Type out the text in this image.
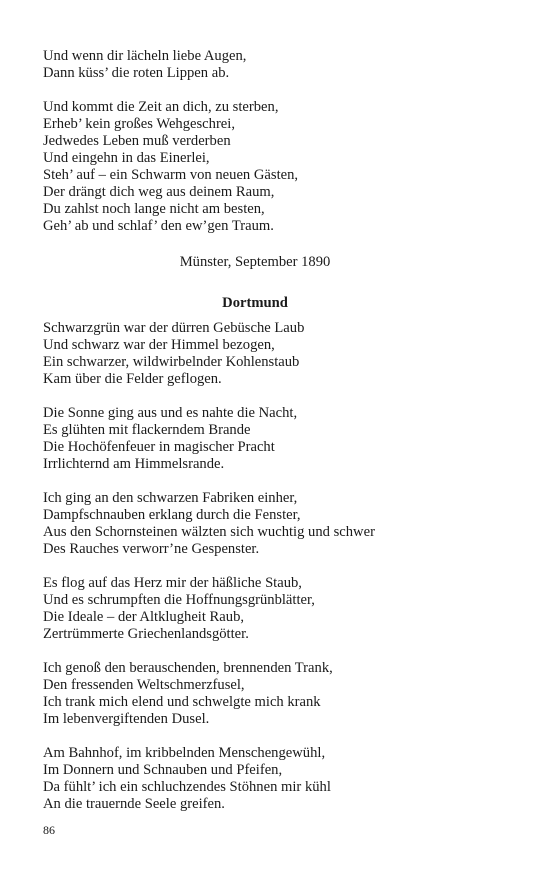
Und wenn dir lächeln liebe Augen,
Dann küss’ die roten Lippen ab.
Und kommt die Zeit an dich, zu sterben,
Erheb’ kein großes Wehgeschrei,
Jedwedes Leben muß verderben
Und eingehn in das Einerlei,
Steh’ auf – ein Schwarm von neuen Gästen,
Der drängt dich weg aus deinem Raum,
Du zahlst noch lange nicht am besten,
Geh’ ab und schlaf’ den ew’gen Traum.
Münster, September 1890
Dortmund
Schwarzgrün war der dürren Gebüsche Laub
Und schwarz war der Himmel bezogen,
Ein schwarzer, wildwirbelnder Kohlenstaub
Kam über die Felder geflogen.
Die Sonne ging aus und es nahte die Nacht,
Es glühten mit flackerndem Brande
Die Hochöfenfeuer in magischer Pracht
Irrlichternd am Himmelsrande.
Ich ging an den schwarzen Fabriken einher,
Dampfschnauben erklang durch die Fenster,
Aus den Schornsteinen wälzten sich wuchtig und schwer
Des Rauches verworr’ne Gespenster.
Es flog auf das Herz mir der häßliche Staub,
Und es schrumpften die Hoffnungsgrünblätter,
Die Ideale – der Altklugheit Raub,
Zertrümmerte Griechenlandsgötter.
Ich genoß den berauschenden, brennenden Trank,
Den fressenden Weltschmerzfusel,
Ich trank mich elend und schwelgte mich krank
Im lebenvergiftenden Dusel.
Am Bahnhof, im kribbelnden Menschengewühl,
Im Donnern und Schnauben und Pfeifen,
Da fühlt’ ich ein schluchzendes Stöhnen mir kühl
An die trauernde Seele greifen.
86
